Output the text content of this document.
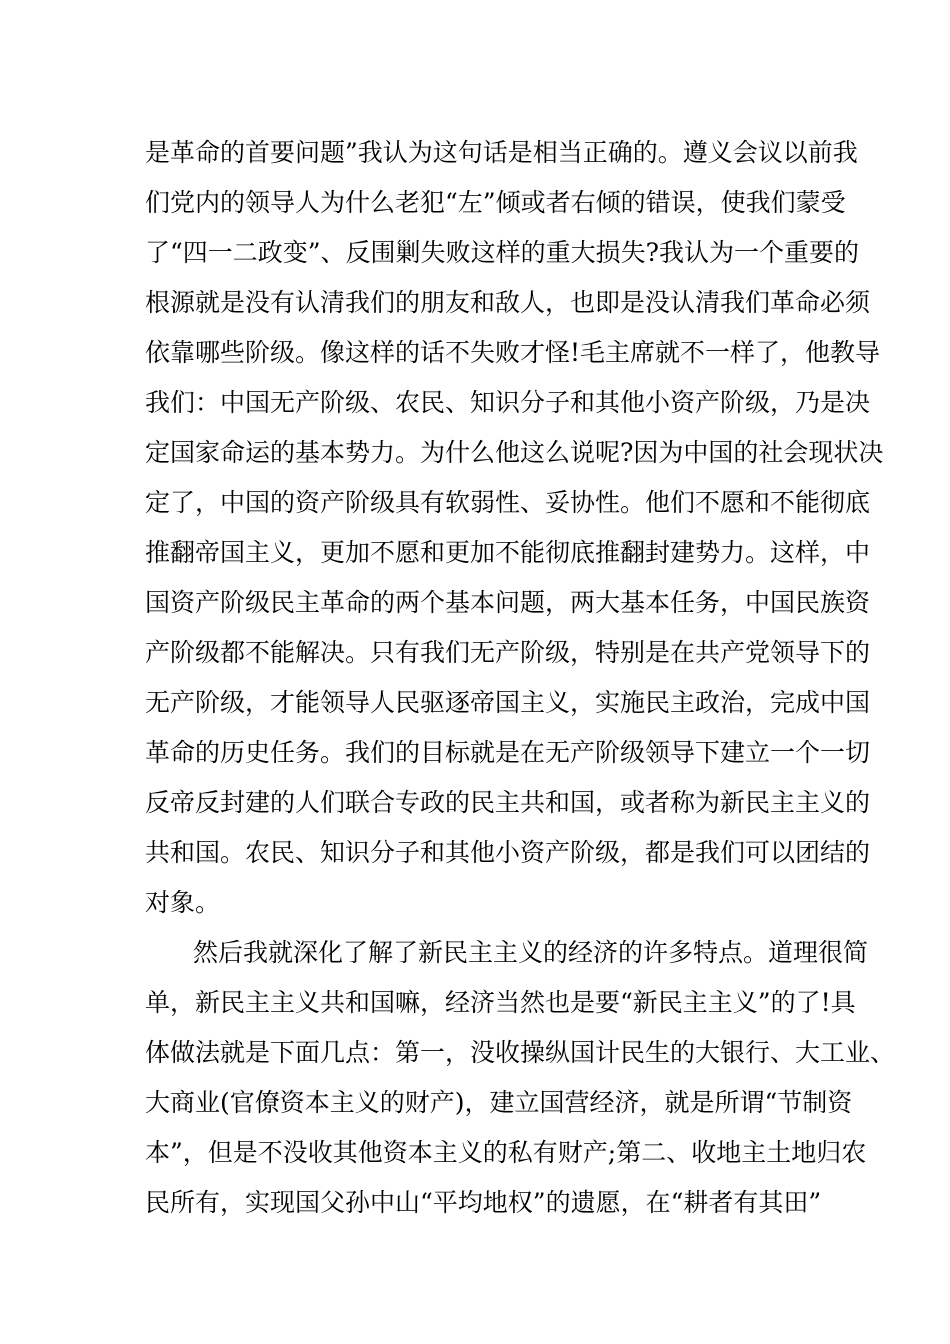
是革命的首要问题”我认为这句话是相当正确的。遵义会议以前我
们党内的领导人为什么老犯“左”倾或者右倾的错误，使我们蒙受
了“四一二政变”、反围剿失败这样的重大损失?我认为一个重要的
根源就是没有认清我们的朋友和敌人，也即是没认清我们革命必须
依靠哪些阶级。像这样的话不失败才怪!毛主席就不一样了，他教导
我们：中国无产阶级、农民、知识分子和其他小资产阶级，乃是决
定国家命运的基本势力。为什么他这么说呢?因为中国的社会现状决
定了，中国的资产阶级具有软弱性、妥协性。他们不愿和不能彻底
推翻帝国主义，更加不愿和更加不能彻底推翻封建势力。这样，中
国资产阶级民主革命的两个基本问题，两大基本任务，中国民族资
产阶级都不能解决。只有我们无产阶级，特别是在共产党领导下的
无产阶级，才能领导人民驱逐帝国主义，实施民主政治，完成中国
革命的历史任务。我们的目标就是在无产阶级领导下建立一个一切
反帝反封建的人们联合专政的民主共和国，或者称为新民主主义的
共和国。农民、知识分子和其他小资产阶级，都是我们可以团结的
对象。
然后我就深化了解了新民主主义的经济的许多特点。道理很简
单，新民主主义共和国嘛，经济当然也是要“新民主主义”的了!具
体做法就是下面几点：第一，没收操纵国计民生的大银行、大工业、
大商业(官僚资本主义的财产)，建立国营经济，就是所谓“节制资
本”，但是不没收其他资本主义的私有财产;第二、收地主土地归农
民所有，实现国父孙中山“平均地权”的遗愿，在“耕者有其田”
